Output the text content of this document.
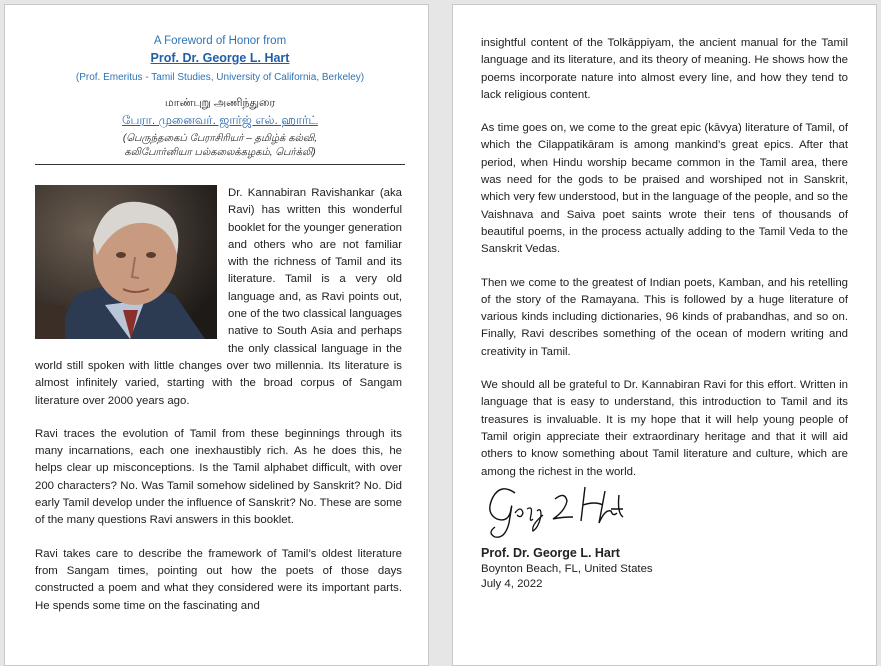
A Foreword of Honor from
Prof. Dr. George L. Hart
(Prof. Emeritus - Tamil Studies, University of California, Berkeley)
மாண்புறு அணிந்துரை
பேரா. முனைவர். ஜார்ஜ் எல். ஹார்ட்
(பெருந்தகைப் பேராசிரியர் – தமிழ்க் கல்வி,
கலிபோர்னியா பல்கலைக்கழகம், பெர்க்லி)

Dr. Kannabiran Ravishankar (aka Ravi) has written this wonderful booklet for the younger generation and others who are not familiar with the richness of Tamil and its literature. Tamil is a very old language and, as Ravi points out, one of the two classical languages native to South Asia and perhaps the only classical language in the world still spoken with little changes over two millennia. Its literature is almost infinitely varied, starting with the broad corpus of Sangam literature over 2000 years ago.

Ravi traces the evolution of Tamil from these beginnings through its many incarnations, each one inexhaustibly rich. As he does this, he helps clear up misconceptions. Is the Tamil alphabet difficult, with over 200 characters? No. Was Tamil somehow sidelined by Sanskrit? No. Did early Tamil develop under the influence of Sanskrit? No. These are some of the many questions Ravi answers in this booklet.

Ravi takes care to describe the framework of Tamil’s oldest literature from Sangam times, pointing out how the poets of those days constructed a poem and what they considered were its important parts. He spends some time on the fascinating and

insightful content of the Tolkāppiyam, the ancient manual for the Tamil language and its literature, and its theory of meaning. He shows how the poems incorporate nature into almost every line, and how they tend to lack religious content.

As time goes on, we come to the great epic (kāvya) literature of Tamil, of which the Cilappatikāram is among mankind’s great epics. After that period, when Hindu worship became common in the Tamil area, there was need for the gods to be praised and worshiped not in Sanskrit, which very few understood, but in the language of the people, and so the Vaishnava and Saiva poet saints wrote their tens of thousands of beautiful poems, in the process actually adding to the Tamil Veda to the Sanskrit Vedas.

Then we come to the greatest of Indian poets, Kamban, and his retelling of the story of the Ramayana. This is followed by a huge literature of various kinds including dictionaries, 96 kinds of prabandhas, and so on. Finally, Ravi describes something of the ocean of modern writing and creativity in Tamil.

We should all be grateful to Dr. Kannabiran Ravi for this effort. Written in language that is easy to understand, this introduction to Tamil and its treasures is invaluable. It is my hope that it will help young people of Tamil origin appreciate their extraordinary heritage and that it will aid others to know something about Tamil literature and culture, which are among the richest in the world.

Prof. Dr. George L. Hart
Boynton Beach, FL, United States
July 4, 2022
